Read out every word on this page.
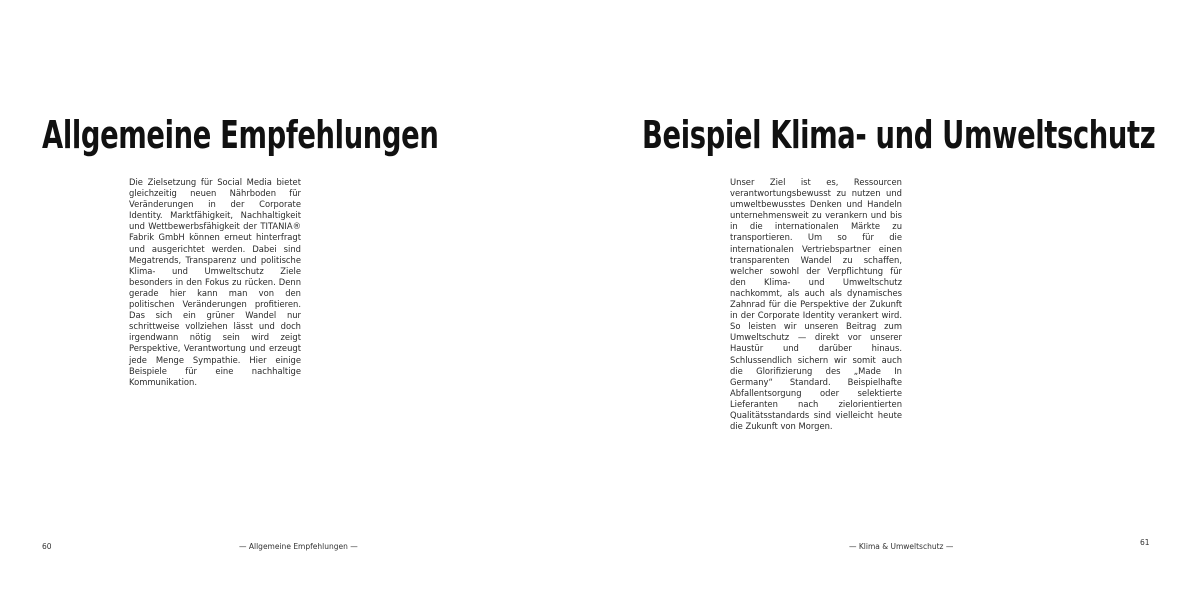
Allgemeine Empfehlungen

Die Zielsetzung für Social Media bietet gleichzeitig neuen Nährboden für Veränderungen in der Corporate Identity. Marktfähigkeit, Nachhaltigkeit und Wettbewerbsfähigkeit der TITANIA® Fabrik GmbH können erneut hinterfragt und ausgerichtet werden. Dabei sind Megatrends, Transparenz und politische Klima- und Umweltschutz Ziele besonders in den Fokus zu rücken. Denn gerade hier kann man von den politischen Veränderungen profitieren. Das sich ein grüner Wandel nur schrittweise vollziehen lässt und doch irgendwann nötig sein wird zeigt Perspektive, Verantwortung und erzeugt jede Menge Sympathie. Hier einige Beispiele für eine nachhaltige Kommunikation.

60	— Allgemeine Empfehlungen —

Beispiel Klima- und Umweltschutz

Unser Ziel ist es, Ressourcen verantwortungsbewusst zu nutzen und umweltbewusstes Denken und Handeln unternehmensweit zu verankern und bis in die internationalen Märkte zu transportieren. Um so für die internationalen Vertriebspartner einen transparenten Wandel zu schaffen, welcher sowohl der Verpflichtung für den Klima- und Umweltschutz nachkommt, als auch als dynamisches Zahnrad für die Perspektive der Zukunft in der Corporate Identity verankert wird. So leisten wir unseren Beitrag zum Umweltschutz — direkt vor unserer Haustür und darüber hinaus. Schlussendlich sichern wir somit auch die Glorifizierung des „Made In Germany“ Standard. Beispielhafte Abfallentsorgung oder selektierte Lieferanten nach zielorientierten Qualitätsstandards sind vielleicht heute die Zukunft von Morgen.

61

— Klima & Umweltschutz —
